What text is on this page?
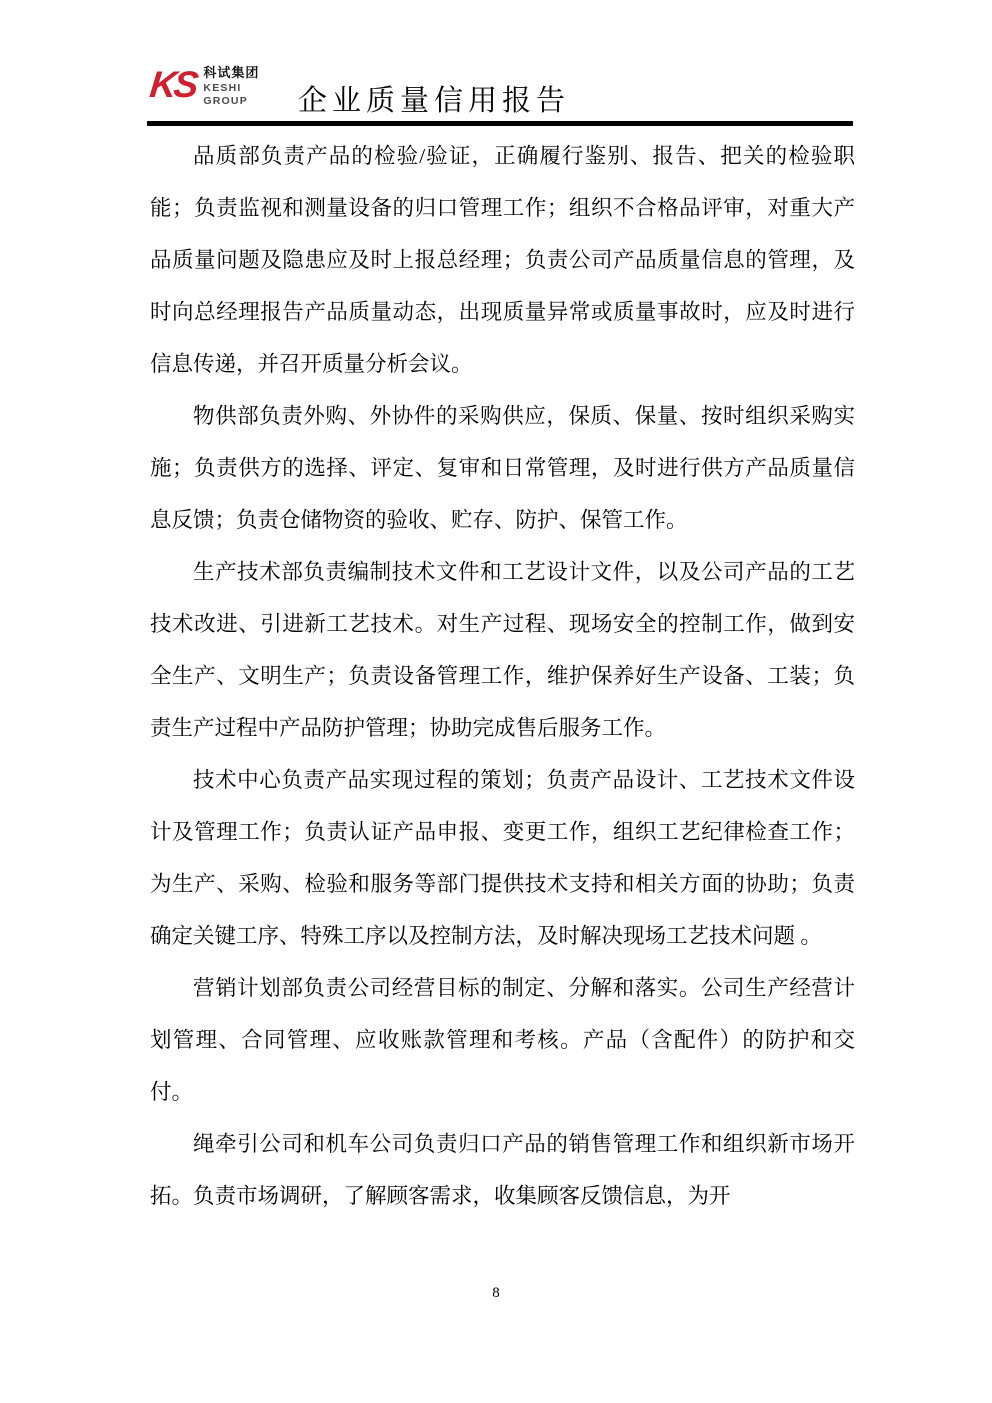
KS 科试集团
KESHI
GROUP	企业质量信用报告

品质部负责产品的检验/验证，正确履行鉴别、报告、把关的检验职能；负责监视和测量设备的归口管理工作；组织不合格品评审，对重大产品质量问题及隐患应及时上报总经理；负责公司产品质量信息的管理，及时向总经理报告产品质量动态，出现质量异常或质量事故时，应及时进行信息传递，并召开质量分析会议。

物供部负责外购、外协件的采购供应，保质、保量、按时组织采购实施；负责供方的选择、评定、复审和日常管理，及时进行供方产品质量信息反馈；负责仓储物资的验收、贮存、防护、保管工作。

生产技术部负责编制技术文件和工艺设计文件，以及公司产品的工艺技术改进、引进新工艺技术。对生产过程、现场安全的控制工作，做到安全生产、文明生产；负责设备管理工作，维护保养好生产设备、工装；负责生产过程中产品防护管理；协助完成售后服务工作。

技术中心负责产品实现过程的策划；负责产品设计、工艺技术文件设计及管理工作；负责认证产品申报、变更工作，组织工艺纪律检查工作；为生产、采购、检验和服务等部门提供技术支持和相关方面的协助；负责确定关键工序、特殊工序以及控制方法，及时解决现场工艺技术问题 。

营销计划部负责公司经营目标的制定、分解和落实。公司生产经营计划管理、合同管理、应收账款管理和考核。产品（含配件）的防护和交付。

绳牵引公司和机车公司负责归口产品的销售管理工作和组织新市场开拓。负责市场调研，了解顾客需求，收集顾客反馈信息，为开

8
